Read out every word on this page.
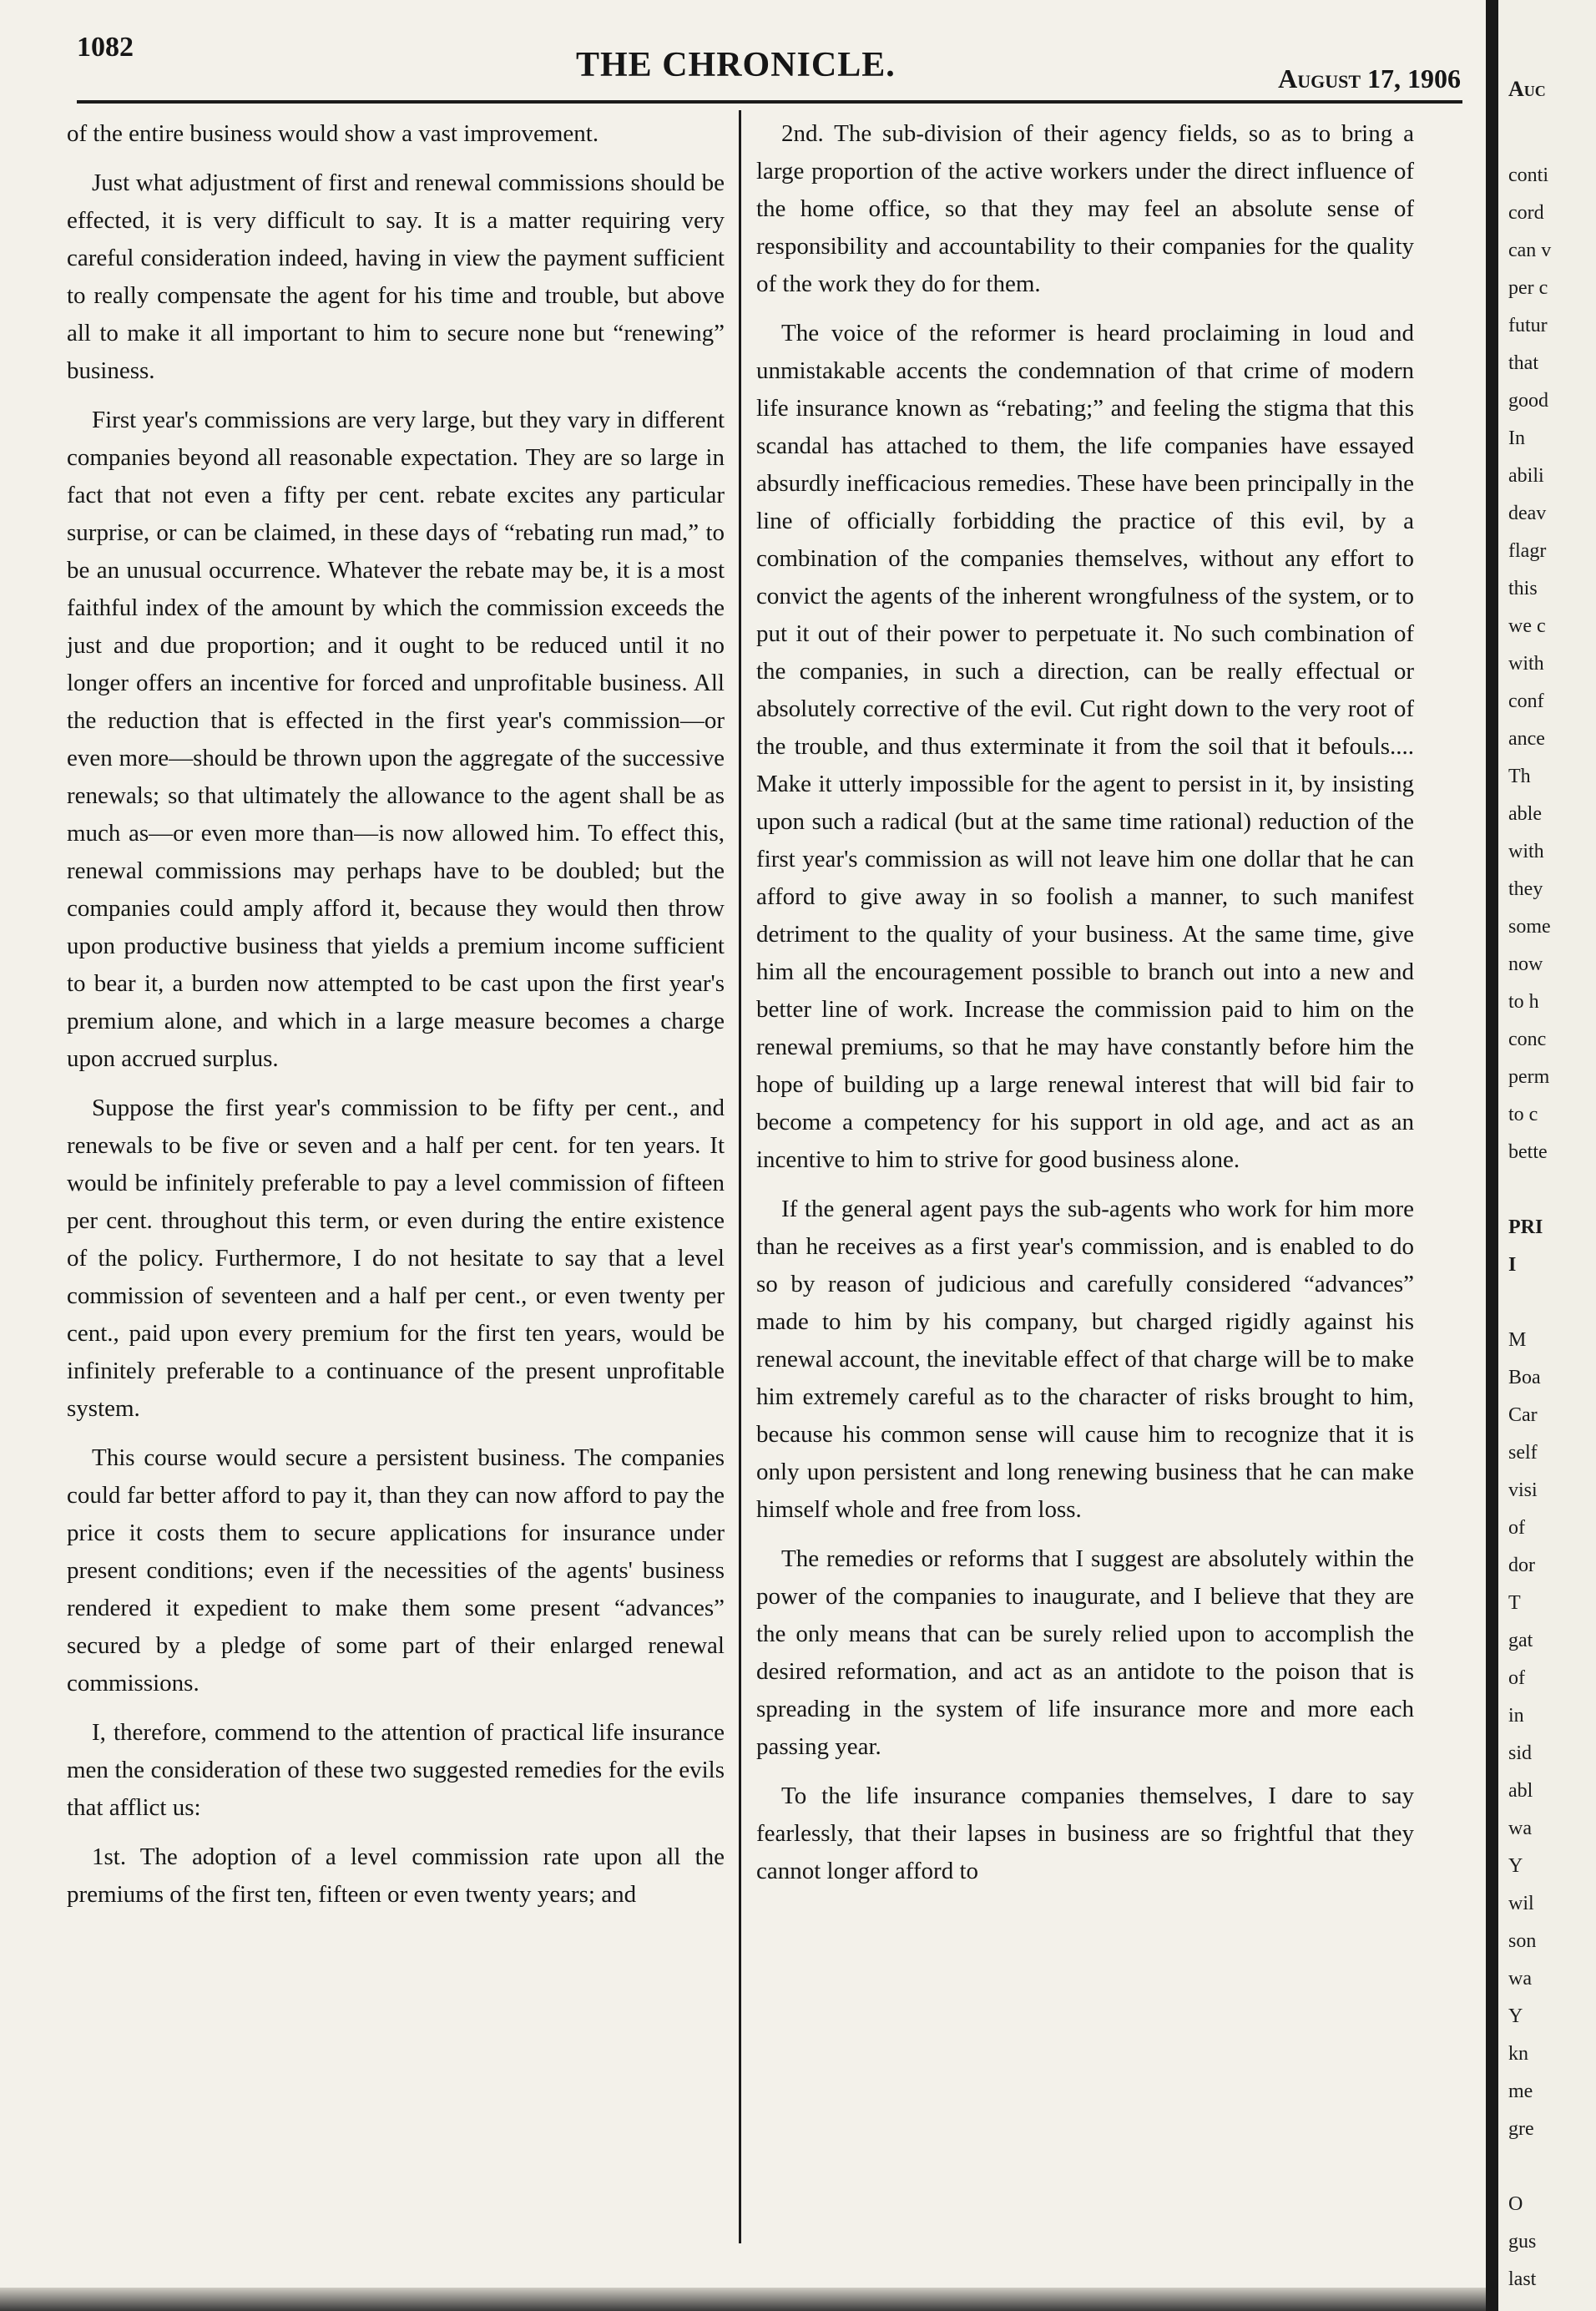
1082	THE CHRONICLE.	August 17, 1906

of the entire business would show a vast improvement.

Just what adjustment of first and renewal commissions should be effected, it is very difficult to say. It is a matter requiring very careful consideration indeed, having in view the payment sufficient to really compensate the agent for his time and trouble, but above all to make it all important to him to secure none but “renewing” business.

First year's commissions are very large, but they vary in different companies beyond all reasonable expectation. They are so large in fact that not even a fifty per cent. rebate excites any particular surprise, or can be claimed, in these days of “rebating run mad,” to be an unusual occurrence. Whatever the rebate may be, it is a most faithful index of the amount by which the commission exceeds the just and due proportion; and it ought to be reduced until it no longer offers an incentive for forced and unprofitable business. All the reduction that is effected in the first year's commission—or even more—should be thrown upon the aggregate of the successive renewals; so that ultimately the allowance to the agent shall be as much as—or even more than—is now allowed him. To effect this, renewal commissions may perhaps have to be doubled; but the companies could amply afford it, because they would then throw upon productive business that yields a premium income sufficient to bear it, a burden now attempted to be cast upon the first year's premium alone, and which in a large measure becomes a charge upon accrued surplus.

Suppose the first year's commission to be fifty per cent., and renewals to be five or seven and a half per cent. for ten years. It would be infinitely preferable to pay a level commission of fifteen per cent. throughout this term, or even during the entire existence of the policy. Furthermore, I do not hesitate to say that a level commission of seventeen and a half per cent., or even twenty per cent., paid upon every premium for the first ten years, would be infinitely preferable to a continuance of the present unprofitable system.

This course would secure a persistent business. The companies could far better afford to pay it, than they can now afford to pay the price it costs them to secure applications for insurance under present conditions; even if the necessities of the agents' business rendered it expedient to make them some present “advances” secured by a pledge of some part of their enlarged renewal commissions.

I, therefore, commend to the attention of practical life insurance men the consideration of these two suggested remedies for the evils that afflict us:

1st. The adoption of a level commission rate upon all the premiums of the first ten, fifteen or even twenty years; and

2nd. The sub-division of their agency fields, so as to bring a large proportion of the active workers under the direct influence of the home office, so that they may feel an absolute sense of responsibility and accountability to their companies for the quality of the work they do for them.

The voice of the reformer is heard proclaiming in loud and unmistakable accents the condemnation of that crime of modern life insurance known as “rebating;” and feeling the stigma that this scandal has attached to them, the life companies have essayed absurdly inefficacious remedies. These have been principally in the line of officially forbidding the practice of this evil, by a combination of the companies themselves, without any effort to convict the agents of the inherent wrongfulness of the system, or to put it out of their power to perpetuate it. No such combination of the companies, in such a direction, can be really effectual or absolutely corrective of the evil. Cut right down to the very root of the trouble, and thus exterminate it from the soil that it befouls.... Make it utterly impossible for the agent to persist in it, by insisting upon such a radical (but at the same time rational) reduction of the first year's commission as will not leave him one dollar that he can afford to give away in so foolish a manner, to such manifest detriment to the quality of your business. At the same time, give him all the encouragement possible to branch out into a new and better line of work. Increase the commission paid to him on the renewal premiums, so that he may have constantly before him the hope of building up a large renewal interest that will bid fair to become a competency for his support in old age, and act as an incentive to him to strive for good business alone.

If the general agent pays the sub-agents who work for him more than he receives as a first year's commission, and is enabled to do so by reason of judicious and carefully considered “advances” made to him by his company, but charged rigidly against his renewal account, the inevitable effect of that charge will be to make him extremely careful as to the character of risks brought to him, because his common sense will cause him to recognize that it is only upon persistent and long renewing business that he can make himself whole and free from loss.

The remedies or reforms that I suggest are absolutely within the power of the companies to inaugurate, and I believe that they are the only means that can be surely relied upon to accomplish the desired reformation, and act as an antidote to the poison that is spreading in the system of life insurance more and more each passing year.

To the life insurance companies themselves, I dare to say fearlessly, that their lapses in business are so frightful that they cannot longer afford to

Auc
conti
cord
can v
per c
futur
that
good
In
abili
deav
flagr
this
we c
with
conf
ance
Th
able
with
they
some
now
to h
conc
perm
to c
bette
PRI
I
M
Boa
Car
self
visi
of
dor
T
gat
of
in
sid
abl
wa
Y
wil
son
wa
Y
kn
me
gre
O
gus
last
